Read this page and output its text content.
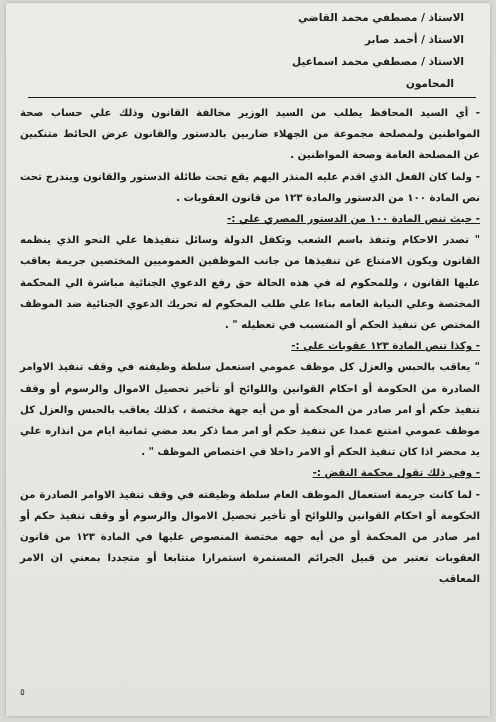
الاستاذ / مصطفي محمد القاضي
الاستاذ / أحمد صابر
الاستاذ / مصطفي محمد اسماعيل
المحامون

- أي السيد المحافظ يطلب من السيد الوزير مخالفة القانون وذلك علي حساب صحة المواطنين ولمصلحة مجموعة من الجهلاء ضاربين بالدستور والقانون عرض الحائط متنكبين عن المصلحة العامة وصحة المواطنين .

- ولما كان الفعل الذي اقدم عليه المنذر اليهم يقع تحت طائلة الدستور والقانون ويندرج تحت نص المادة ١٠٠ من الدستور والمادة ١٢٣ من قانون العقوبات .

- حيث تنص المادة ١٠٠ من الدستور المصري علي :-

" تصدر الاحكام وتنفذ باسم الشعب وتكفل الدولة وسائل تنفيذها علي النحو الذي ينظمه القانون ويكون الامتناع عن تنفيذها من جانب الموظفين العموميين المختصين جريمة يعاقب عليها القانون ، وللمحكوم له في هذه الحالة حق رفع الدعوي الجنائية مباشرة الي المحكمة المختصة وعلي النيابة العامه بناءا علي طلب المحكوم له تحريك الدعوي الجنائية ضد الموظف المختص عن تنفيذ الحكم أو المتسبب في تعطيله " .

- وكذا تنص المادة ١٢٣ عقوبات علي :-

" يعاقب بالحبس والعزل كل موظف عمومي استعمل سلطة وظيفته في وقف تنفيذ الاوامر الصادرة من الحكومة أو احكام القوانين واللوائح أو تأخير تحصيل الاموال والرسوم أو وقف تنفيذ حكم أو امر صادر من المحكمة أو من أيه جهة مختصة ، كذلك يعاقب بالحبس والعزل كل موظف عمومي امتنع عمدا عن تنفيذ حكم أو امر مما ذكر بعد مضي ثمانية ايام من انذاره علي يد محضر اذا كان تنفيذ الحكم أو الامر داخلا في اختصاص الموظف " .

- وفي ذلك تقول محكمة النقض :-

- لما كانت جريمة استعمال الموظف العام سلطة وظيفته في وقف تنفيذ الاوامر الصادرة من الحكومة أو احكام القوانين واللوائح أو تأخير تحصيل الاموال والرسوم أو وقف تنفيذ حكم أو امر صادر من المحكمة أو من أيه جهه مختصة المنصوص عليها في المادة ١٢٣ من قانون العقوبات تعتبر من قبيل الجرائم المستمرة استمرارا متتابعا أو متجددا بمعني ان الامر المعاقب

٥
